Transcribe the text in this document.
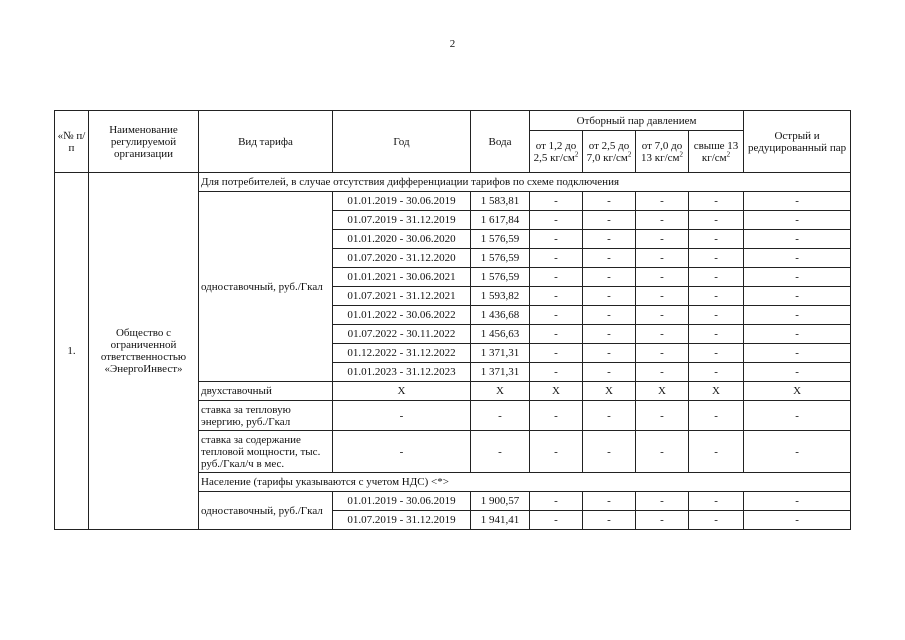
2
«№ п/п	Наименование регулируемой организации	Вид тарифа	Год	Вода	Отборный пар давлением				Острый и редуцированный пар
					от 1,2 до 2,5 $кг/см^2$	от 2,5 до 7,0 $кг/см^2$	от 7,0 до 13 $кг/см^2$	свыше 13 $кг/см^2$
1.	Общество с ограниченной ответственностью «ЭнергоИнвест»	Для потребителей, в случае отсутствия дифференциации тарифов по схеме подключения							
		одноставочный, руб./Гкал	01.01.2019 - 30.06.2019	1 583,81	-	-	-	-	-
			01.07.2019 - 31.12.2019	1 617,84	-	-	-	-	-
			01.01.2020 - 30.06.2020	1 576,59	-	-	-	-	-
			01.07.2020 - 31.12.2020	1 576,59	-	-	-	-	-
			01.01.2021 - 30.06.2021	1 576,59	-	-	-	-	-
			01.07.2021 - 31.12.2021	1 593,82	-	-	-	-	-
			01.01.2022 - 30.06.2022	1 436,68	-	-	-	-	-
			01.07.2022 - 30.11.2022	1 456,63	-	-	-	-	-
			01.12.2022 - 31.12.2022	1 371,31	-	-	-	-	-
			01.01.2023 - 31.12.2023	1 371,31	-	-	-	-	-
		двухставочный	Х	Х	Х	Х	Х	Х	Х
		ставка за тепловую энергию, руб./Гкал	-	-	-	-	-	-	-
		ставка за содержание тепловой мощности, тыс. руб./Гкал/ч в мес.	-	-	-	-	-	-	-
		Население (тарифы указываются с учетом НДС) <*>							
		одноставочный, руб./Гкал	01.01.2019 - 30.06.2019	1 900,57	-	-	-	-	-
			01.07.2019 - 31.12.2019	1 941,41	-	-	-	-	-
